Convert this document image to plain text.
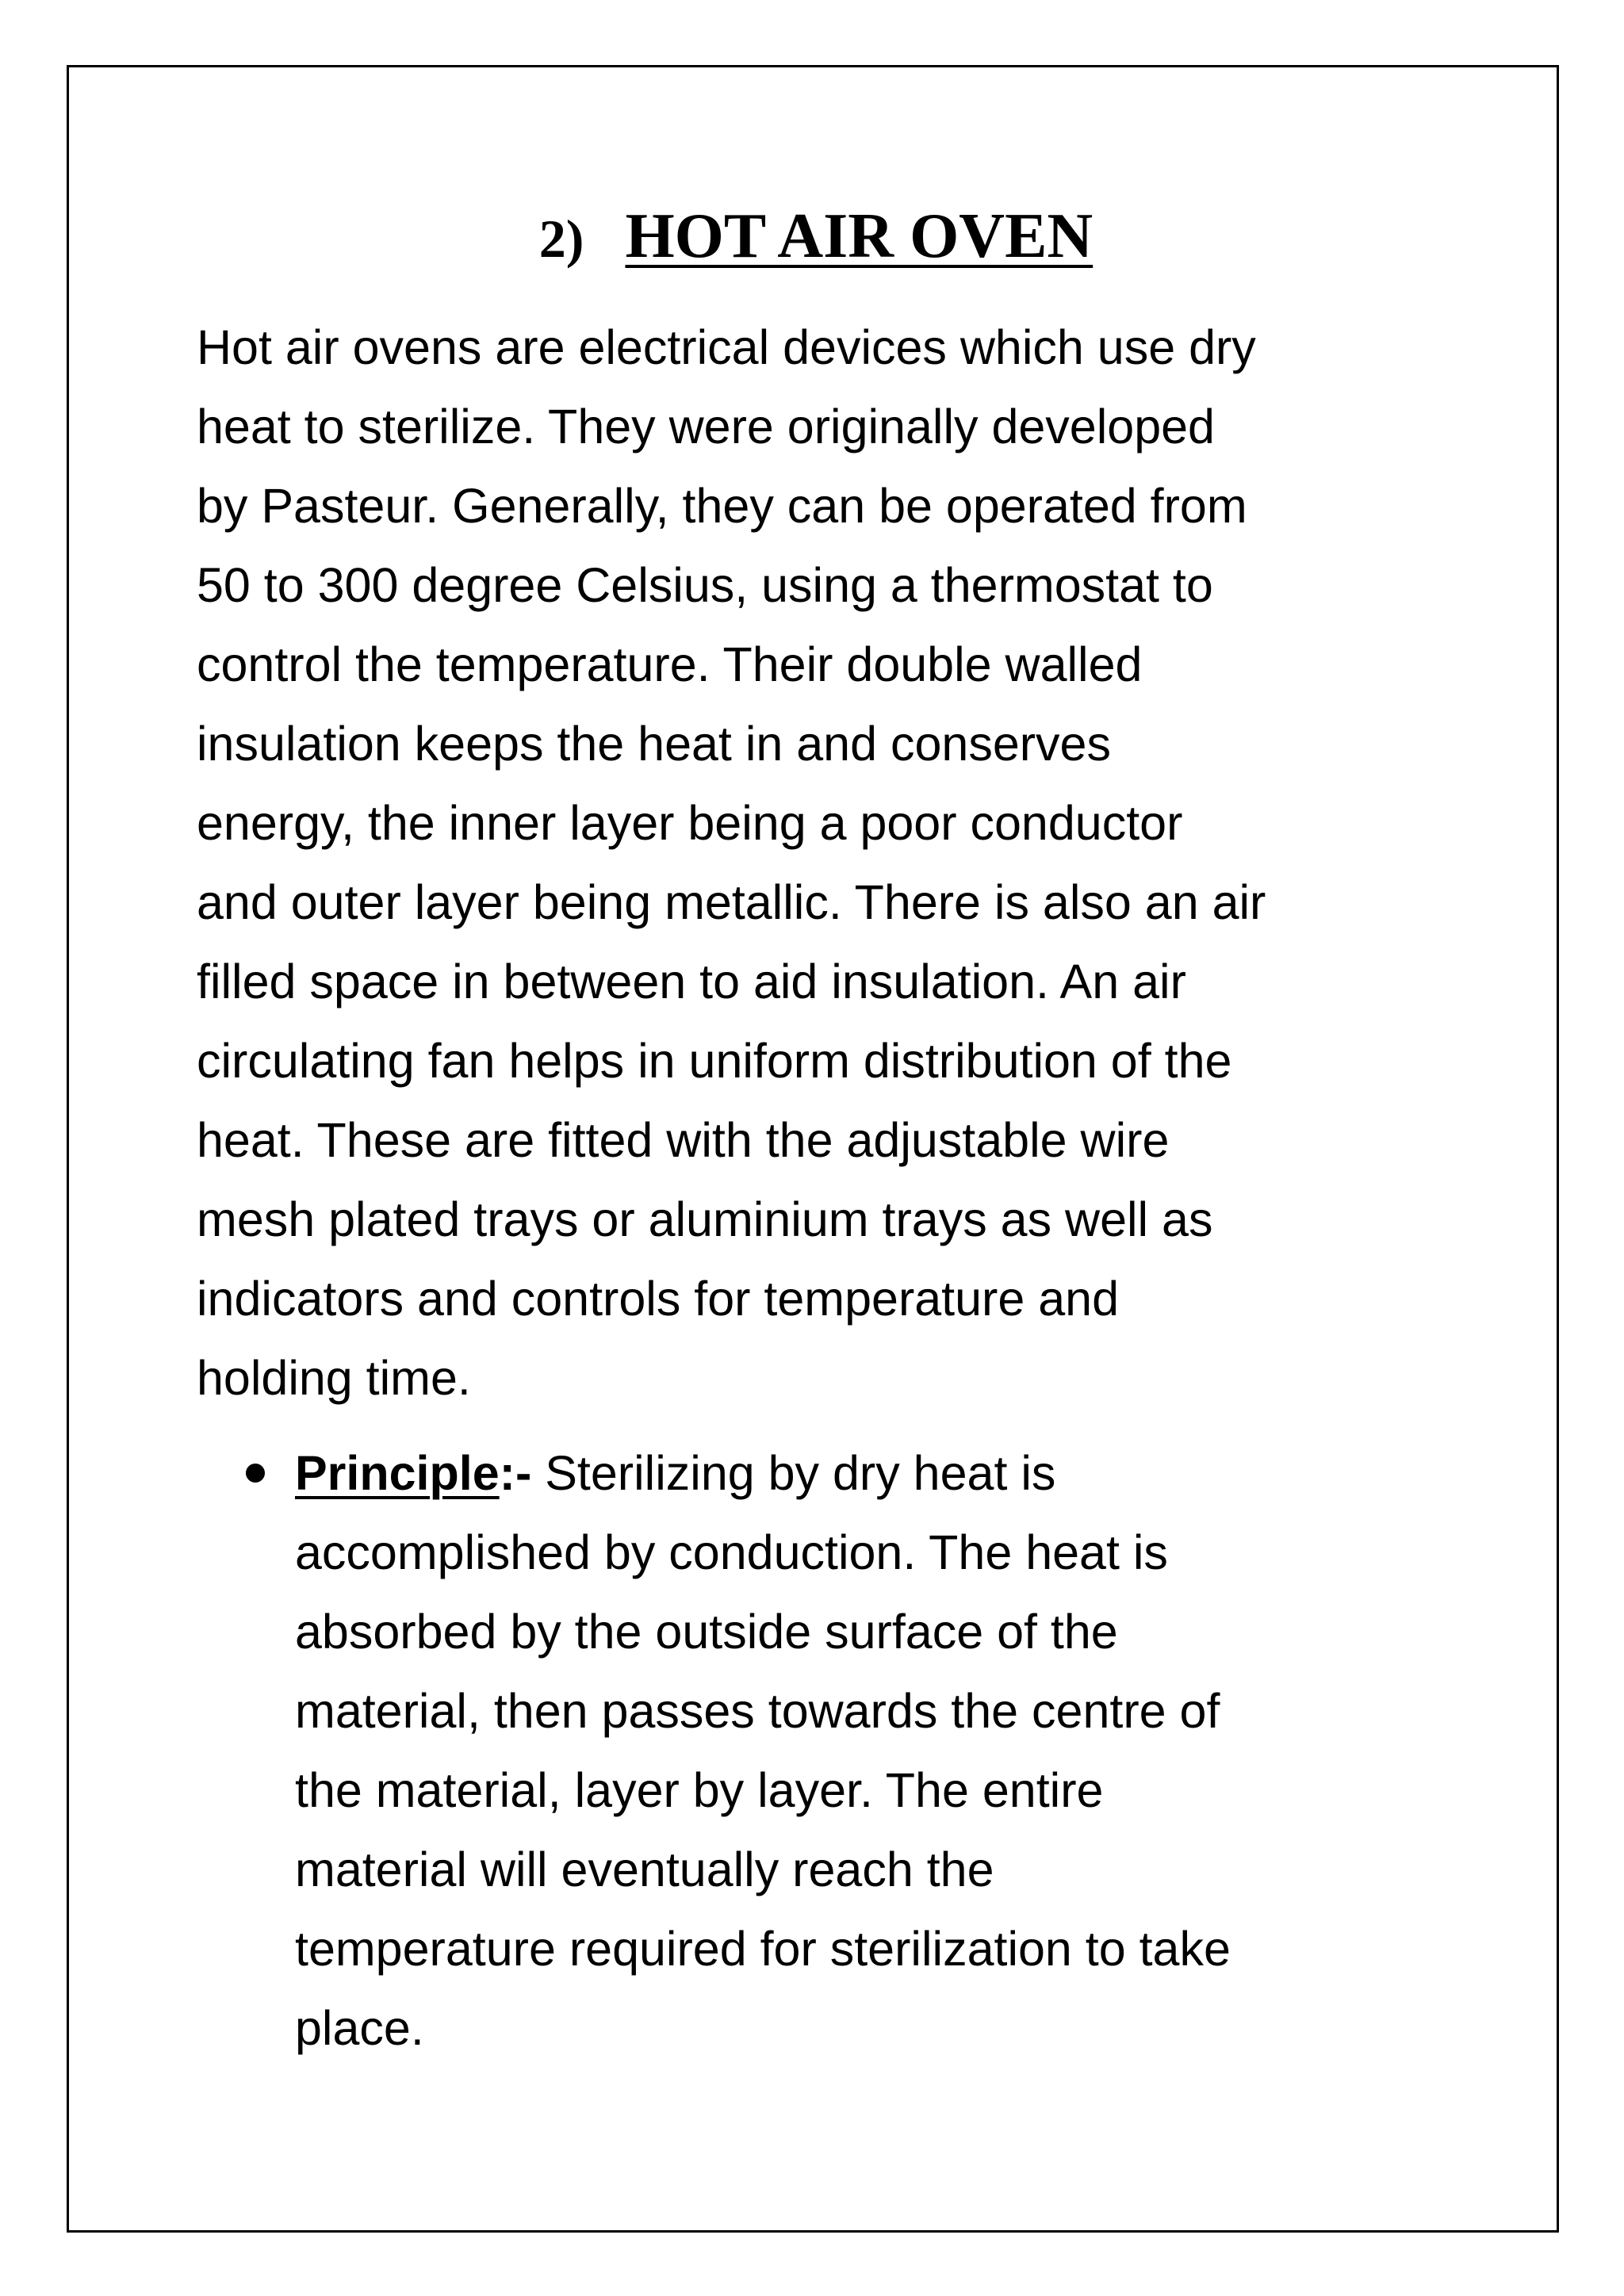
2) HOT AIR OVEN
Hot air ovens are electrical devices which use dry
heat to sterilize. They were originally developed
by Pasteur. Generally, they can be operated from
50 to 300 degree Celsius, using a thermostat to
control the temperature. Their double walled
insulation keeps the heat in and conserves
energy, the inner layer being a poor conductor
and outer layer being metallic. There is also an air
filled space in between to aid insulation. An air
circulating fan helps in uniform distribution of the
heat. These are fitted with the adjustable wire
mesh plated trays or aluminium trays as well as
indicators and controls for temperature and
holding time.
Principle:- Sterilizing by dry heat is
accomplished by conduction. The heat is
absorbed by the outside surface of the
material, then passes towards the centre of
the material, layer by layer. The entire
material will eventually reach the
temperature required for sterilization to take
place.
